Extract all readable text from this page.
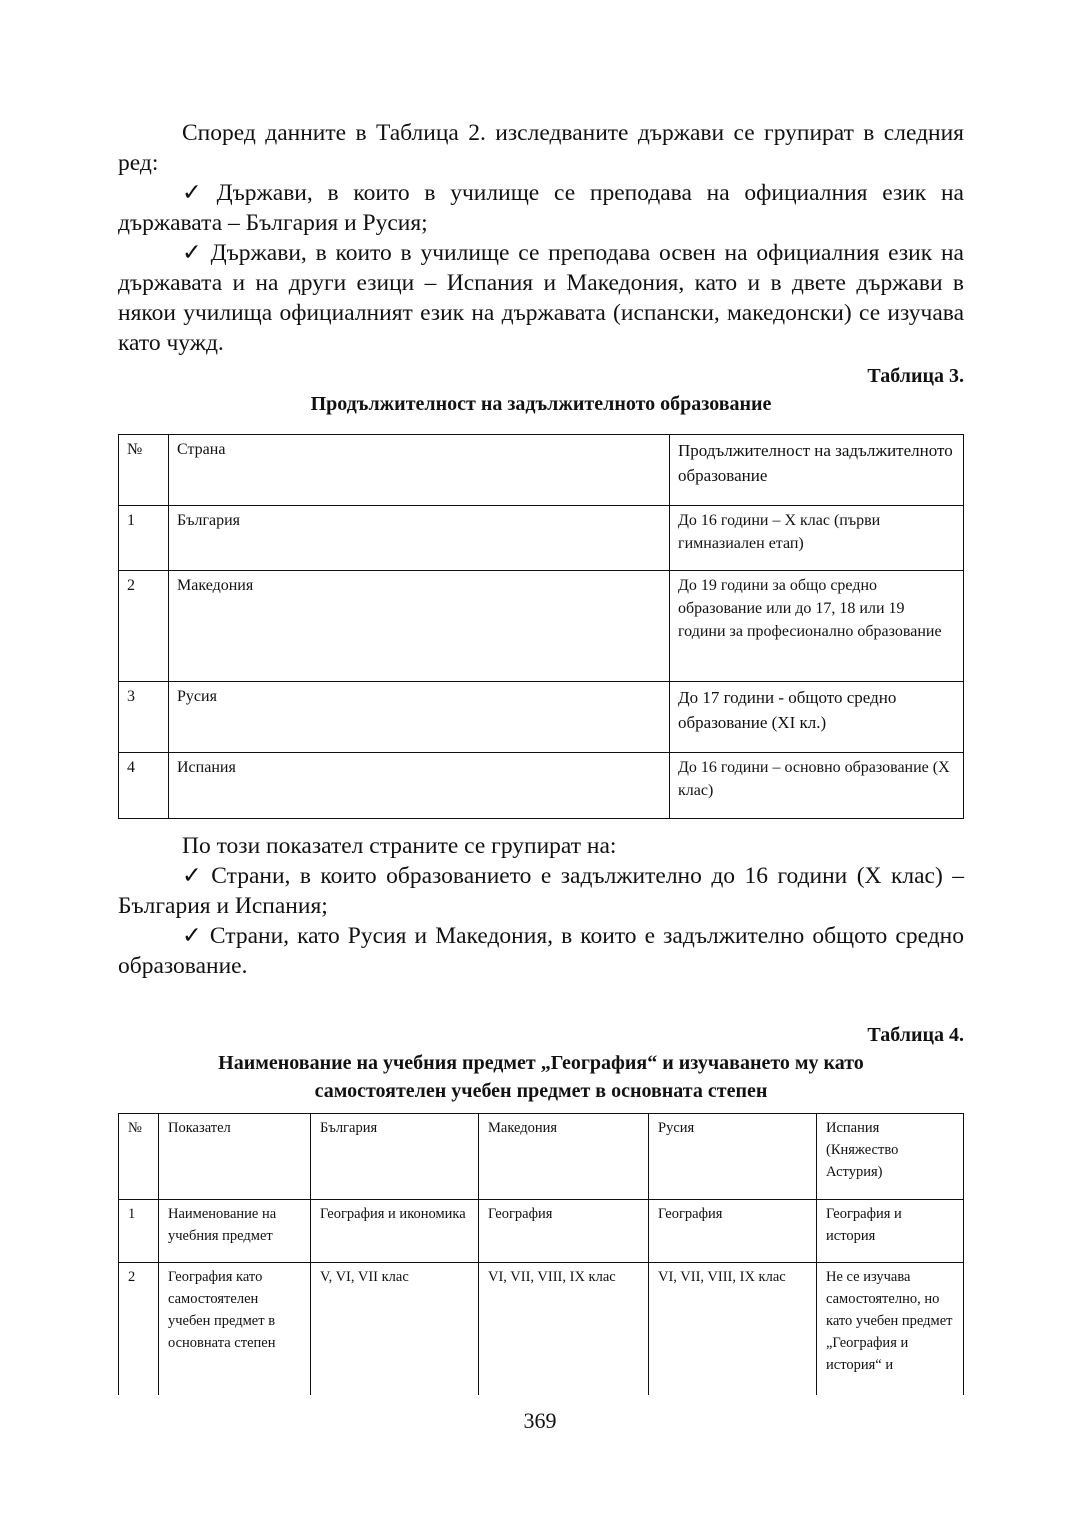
Според данните в Таблица 2. изследваните държави се групират в следния ред:

✓ Държави, в които в училище се преподава на официалния език на държавата – България и Русия;

✓ Държави, в които в училище се преподава освен на официалния език на държавата и на други езици – Испания и Македония, като и в двете държави в някои училища официалният език на държавата (испански, македонски) се изучава като чужд.

Таблица 3.

Продължителност на задължителното образование

№	Страна	Продължителност на задължителното образование
1	България	До 16 години – Х клас (първи гимназиален етап)
2	Македония	До 19 години за общо средно образование или до 17, 18 или 19 години за професионално образование
3	Русия	До 17 години - общото средно образование (XI кл.)
4	Испания	До 16 години – основно образование (Х клас)

По този показател страните се групират на:

✓ Страни, в които образованието е задължително до 16 години (Х клас) – България и Испания;

✓ Страни, като Русия и Македония, в които е задължително общото средно образование.

Таблица 4.

Наименование на учебния предмет „География“ и изучаването му като самостоятелен учебен предмет в основната степен

№	Показател	България	Македония	Русия	Испания (Княжество Астурия)
1	Наименование на учебния предмет	География и икономика	География	География	География и история
2	География като самостоятелен учебен предмет в основната степен	V, VI, VII клас	VI, VII, VIII, IX клас	VI, VII, VIII, IX клас	Не се изучава самостоятелно, но като учебен предмет „География и история“ и
369
